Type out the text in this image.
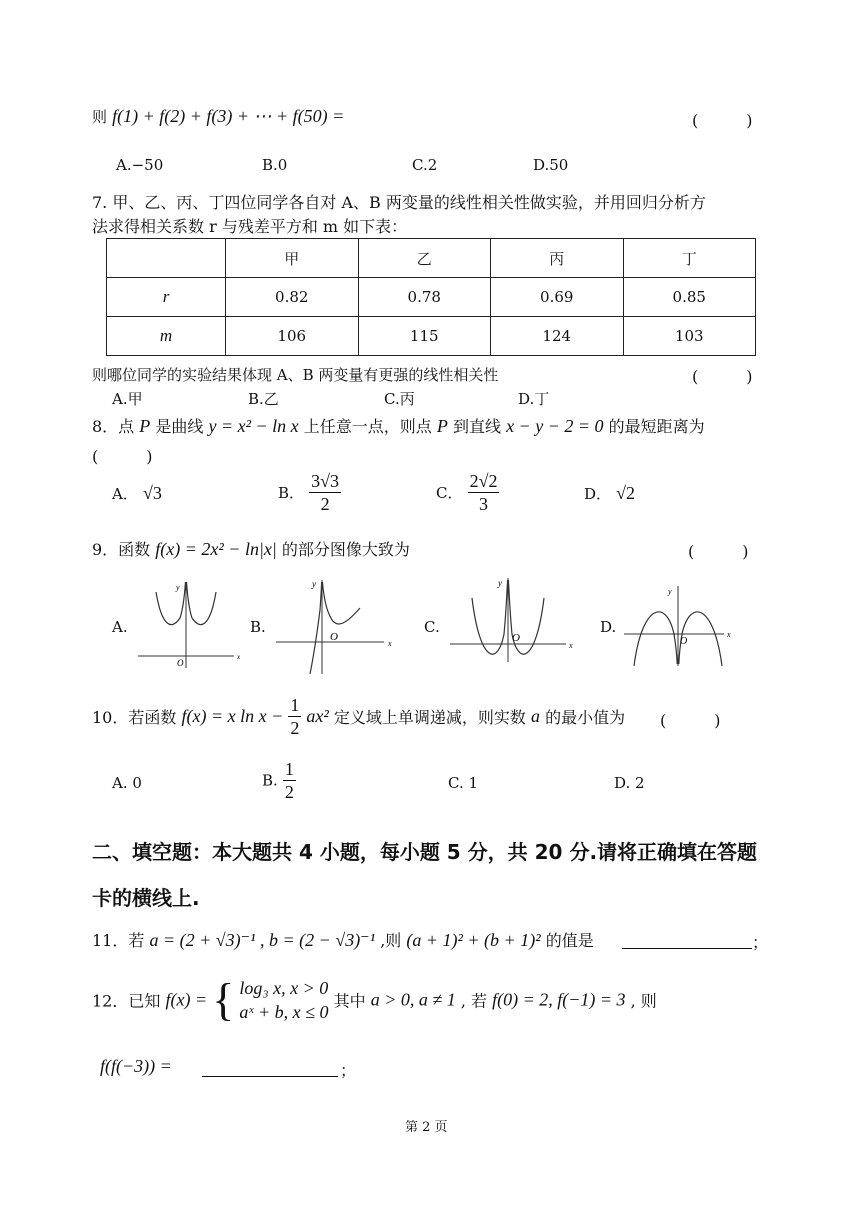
则 f(1) + f(2) + f(3) + ⋯ + f(50) =	(　　　)
A.−50	B.0	C.2	D.50
7. 甲、乙、丙、丁四位同学各自对 A、B 两变量的线性相关性做实验，并用回归分析方
法求得相关系数 r 与残差平方和 m 如下表：
	甲	乙	丙	丁
r	0.82	0.78	0.69	0.85
m	106	115	124	103
则哪位同学的实验结果体现 A、B 两变量有更强的线性相关性	(　　　)
A.甲	B.乙	C.丙	D.丁
8．点 P 是曲线 y = x² − ln x 上任意一点，则点 P 到直线 x − y − 2 = 0 的最短距离为
(　　　)
A． √3	B． $\frac{3√3}{2}$	C． $\frac{2√2}{3}$	D． √2
9．函数 f(x) = 2x² − ln|x| 的部分图像大致为	(　　　)
A.	B.	C.	D.
x
y
O
x
y
O
x
y
O	x
y
O
10．若函数 f(x) = x $\ln x - \frac{1}{2} ax^2$ 定义域上单调递减，则实数 a 的最小值为 (　　　)
A. 0	B. $\frac{1}{2}$	C. 1	D. 2
二、填空题：本大题共 4 小题，每小题 5 分，共 20 分.请将正确填在答题
卡的横线上.
11．若 a = (2 + √3)⁻¹ , b = (2 − √3)⁻¹ ,则 (a + 1)² + (b + 1)² 的值是	；
12．已知 f(x) = { log₃ x, x > 0
aˣ + b, x ≤ 0
其中 a > 0, a ≠ 1 , 若 f(0) = 2, f(−1) = 3 , 则
f(f(−3)) =	；
第 2 页
